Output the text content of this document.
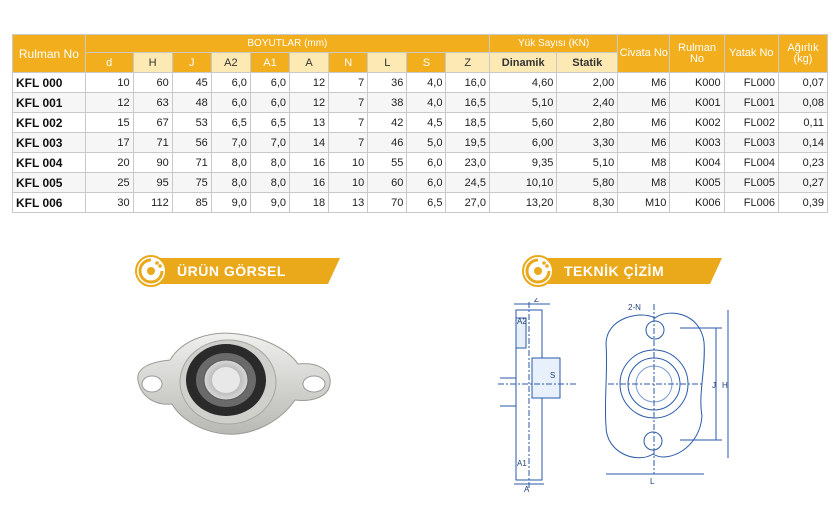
Rulman No	BOYUTLAR (mm)										Yük Sayısı (KN)		Civata No	Rulman No	Yatak No	Ağırlık (kg)
	d	H	J	A2	A1	A	N	L	S	Z	Dinamik	Statik				
KFL 000	10	60	45	6,0	6,0	12	7	36	4,0	16,0	4,60	2,00	M6	K000	FL000	0,07
KFL 001	12	63	48	6,0	6,0	12	7	38	4,0	16,5	5,10	2,40	M6	K001	FL001	0,08
KFL 002	15	67	53	6,5	6,5	13	7	42	4,5	18,5	5,60	2,80	M6	K002	FL002	0,11
KFL 003	17	71	56	7,0	7,0	14	7	46	5,0	19,5	6,00	3,30	M6	K003	FL003	0,14
KFL 004	20	90	71	8,0	8,0	16	10	55	6,0	23,0	9,35	5,10	M8	K004	FL004	0,23
KFL 005	25	95	75	8,0	8,0	16	10	60	6,0	24,5	10,10	5,80	M8	K005	FL005	0,27
KFL 006	30	112	85	9,0	9,0	18	13	70	6,5	27,0	13,20	8,30	M10	K006	FL006	0,39
ÜRÜN GÖRSEL	TEKNİK ÇİZİM
Z
A2
S
A1
A
2-N
J H
L
